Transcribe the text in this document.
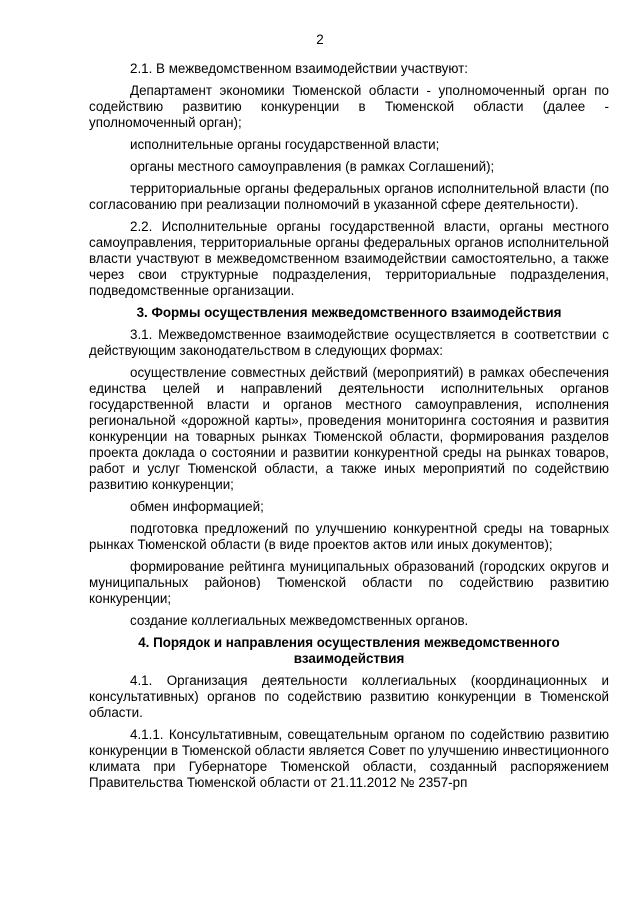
2

2.1. В межведомственном взаимодействии участвуют:

Департамент экономики Тюменской области - уполномоченный орган по содействию развитию конкуренции в Тюменской области (далее - уполномоченный орган);

исполнительные органы государственной власти;

органы местного самоуправления (в рамках Соглашений);

территориальные органы федеральных органов исполнительной власти (по согласованию при реализации полномочий в указанной сфере деятельности).

2.2. Исполнительные органы государственной власти, органы местного самоуправления, территориальные органы федеральных органов исполнительной власти участвуют в межведомственном взаимодействии самостоятельно, а также через свои структурные подразделения, территориальные подразделения, подведомственные организации.

3. Формы осуществления межведомственного взаимодействия

3.1. Межведомственное взаимодействие осуществляется в соответствии с действующим законодательством в следующих формах:

осуществление совместных действий (мероприятий) в рамках обеспечения единства целей и направлений деятельности исполнительных органов государственной власти и органов местного самоуправления, исполнения региональной «дорожной карты», проведения мониторинга состояния и развития конкуренции на товарных рынках Тюменской области, формирования разделов проекта доклада о состоянии и развитии конкурентной среды на рынках товаров, работ и услуг Тюменской области, а также иных мероприятий по содействию развитию конкуренции;

обмен информацией;

подготовка предложений по улучшению конкурентной среды на товарных рынках Тюменской области (в виде проектов актов или иных документов);

формирование рейтинга муниципальных образований (городских округов и муниципальных районов) Тюменской области по содействию развитию конкуренции;

создание коллегиальных межведомственных органов.

4. Порядок и направления осуществления межведомственного
взаимодействия

4.1. Организация деятельности коллегиальных (координационных и консультативных) органов по содействию развитию конкуренции в Тюменской области.

4.1.1. Консультативным, совещательным органом по содействию развитию конкуренции в Тюменской области является Совет по улучшению инвестиционного климата при Губернаторе Тюменской области, созданный распоряжением Правительства Тюменской области от 21.11.2012 № 2357-рп
